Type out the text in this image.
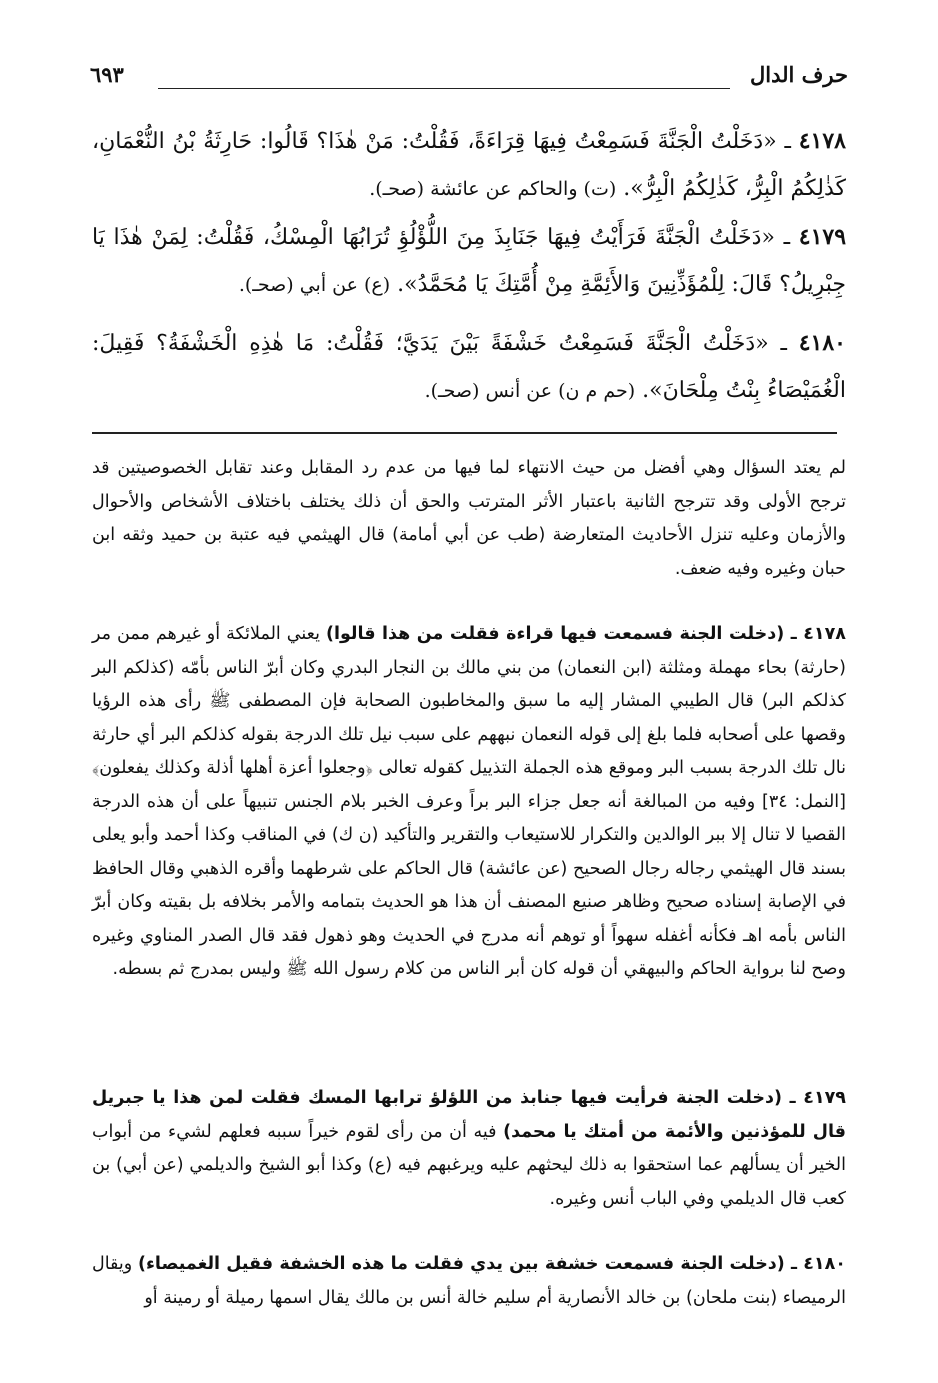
حرف الدال
٦٩٣
٤١٧٨ ـ «دَخَلْتُ الْجَنَّةَ فَسَمِعْتُ فِيهَا قِرَاءَةً، فَقُلْتُ: مَنْ هٰذَا؟ قَالُوا: حَارِثَةُ بْنُ النُّعْمَانِ، كَذٰلِكُمُ الْبِرُّ، كَذٰلِكُمُ الْبِرُّ». (ت) والحاكم عن عائشة (صحـ).
٤١٧٩ ـ «دَخَلْتُ الْجَنَّةَ فَرَأَيْتُ فِيهَا جَنَابِذَ مِنَ اللُّؤْلُؤِ تُرَابُهَا الْمِسْكُ، فَقُلْتُ: لِمَنْ هٰذَا يَا جِبْرِيلُ؟ قَالَ: لِلْمُؤَذِّنِينَ وَالأَئِمَّةِ مِنْ أُمَّتِكَ يَا مُحَمَّدُ». (ع) عن أبي (صحـ).
٤١٨٠ ـ «دَخَلْتُ الْجَنَّةَ فَسَمِعْتُ خَشْفَةً بَيْنَ يَدَيَّ؛ فَقُلْتُ: مَا هٰذِهِ الْخَشْفَةُ؟ فَقِيلَ: الْغُمَيْصَاءُ بِنْتُ مِلْحَانَ». (حم م ن) عن أنس (صحـ).
لم يعتد السؤال وهي أفضل من حيث الانتهاء لما فيها من عدم رد المقابل وعند تقابل الخصوصيتين قد ترجح الأولى وقد تترجح الثانية باعتبار الأثر المترتب والحق أن ذلك يختلف باختلاف الأشخاص والأحوال والأزمان وعليه تنزل الأحاديث المتعارضة (طب عن أبي أمامة) قال الهيثمي فيه عتبة بن حميد وثقه ابن حبان وغيره وفيه ضعف.
٤١٧٨ ـ (دخلت الجنة فسمعت فيها قراءة فقلت من هذا قالوا) يعني الملائكة أو غيرهم ممن مر (حارثة) بحاء مهملة ومثلثة (ابن النعمان) من بني مالك بن النجار البدري وكان أبرّ الناس بأمّه (كذلكم البر كذلكم البر) قال الطيبي المشار إليه ما سبق والمخاطبون الصحابة فإن المصطفى ﷺ رأى هذه الرؤيا وقصها على أصحابه فلما بلغ إلى قوله النعمان نبههم على سبب نيل تلك الدرجة بقوله كذلكم البر أي حارثة نال تلك الدرجة بسبب البر وموقع هذه الجملة التذييل كقوله تعالى ﴿وجعلوا أعزة أهلها أذلة وكذلك يفعلون﴾ [النمل: ٣٤] وفيه من المبالغة أنه جعل جزاء البر براً وعرف الخبر بلام الجنس تنبيهاً على أن هذه الدرجة القصيا لا تنال إلا ببر الوالدين والتكرار للاستيعاب والتقرير والتأكيد (ن ك) في المناقب وكذا أحمد وأبو يعلى بسند قال الهيثمي رجاله رجال الصحيح (عن عائشة) قال الحاكم على شرطهما وأقره الذهبي وقال الحافظ في الإصابة إسناده صحيح وظاهر صنيع المصنف أن هذا هو الحديث بتمامه والأمر بخلافه بل بقيته وكان أبرّ الناس بأمه اهـ فكأنه أغفله سهواً أو توهم أنه مدرج في الحديث وهو ذهول فقد قال الصدر المناوي وغيره وصح لنا برواية الحاكم والبيهقي أن قوله كان أبر الناس من كلام رسول الله ﷺ وليس بمدرج ثم بسطه.
٤١٧٩ ـ (دخلت الجنة فرأيت فيها جنابذ من اللؤلؤ ترابها المسك فقلت لمن هذا يا جبريل قال للمؤذنين والأئمة من أمتك يا محمد) فيه أن من رأى لقوم خيراً سببه فعلهم لشيء من أبواب الخير أن يسألهم عما استحقوا به ذلك ليحثهم عليه ويرغبهم فيه (ع) وكذا أبو الشيخ والديلمي (عن أبي) بن كعب قال الديلمي وفي الباب أنس وغيره.
٤١٨٠ ـ (دخلت الجنة فسمعت خشفة بين يدي فقلت ما هذه الخشفة فقيل الغميصاء) ويقال الرميصاء (بنت ملحان) بن خالد الأنصارية أم سليم خالة أنس بن مالك يقال اسمها رميلة أو رمينة أو
